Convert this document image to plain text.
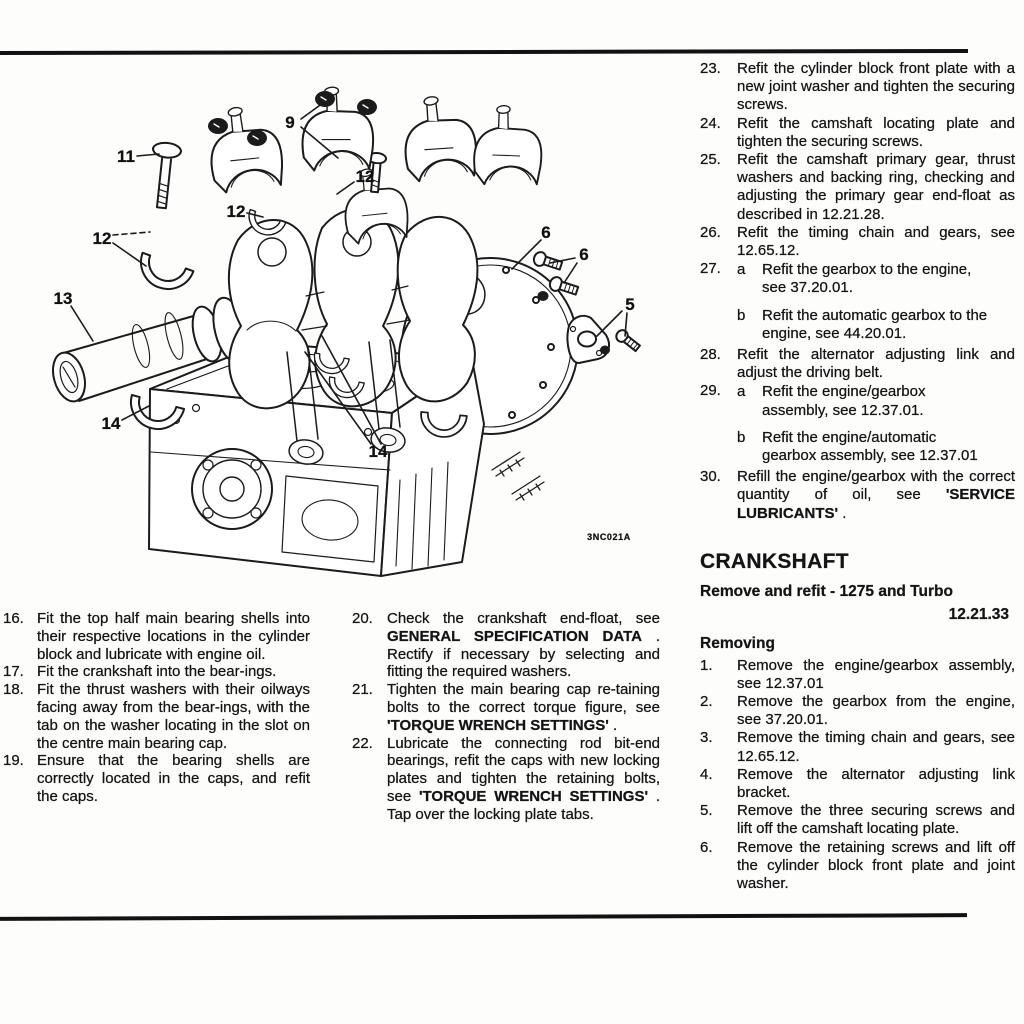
9
11
12
12
12
13
14
14
6
6
5
3NC021A
23.	Refit the cylinder block front plate with a new joint washer and tighten the securing screws.
24.	Refit the camshaft locating plate and tighten the securing screws.
25.	Refit the camshaft primary gear, thrust washers and backing ring, checking and adjusting the primary gear end-float as described in 12.21.28.
26.	Refit the timing chain and gears, see 12.65.12.
27.	a	Refit the gearbox to the engine, see 37.20.01.
b	Refit the automatic gearbox to the engine, see 44.20.01.
28.	Refit the alternator adjusting link and adjust the driving belt.
29.	a	Refit the engine/gearbox assembly, see 12.37.01.
b	Refit the engine/automatic gearbox assembly, see 12.37.01
30.	Refill the engine/gearbox with the correct quantity of oil, see 'SERVICE LUBRICANTS' .
CRANKSHAFT
Remove and refit - 1275 and Turbo
12.21.33
Removing
1.	Remove the engine/gearbox assembly, see 12.37.01
2.	Remove the gearbox from the engine, see 37.20.01.
3.	Remove the timing chain and gears, see 12.65.12.
4.	Remove the alternator adjusting link bracket.
5.	Remove the three securing screws and lift off the camshaft locating plate.
6.	Remove the retaining screws and lift off the cylinder block front plate and joint washer.
16. Fit the top half main bearing shells into their respective locations in the cylinder block and lubricate with engine oil.
17. Fit the crankshaft into the bear-ings.
18. Fit the thrust washers with their oilways facing away from the bear-ings, with the tab on the washer locating in the slot on the centre main bearing cap.
19. Ensure that the bearing shells are correctly located in the caps, and refit the caps.
20. Check the crankshaft end-float, see GENERAL SPECIFICATION DATA . Rectify if necessary by selecting and fitting the required washers.
21. Tighten the main bearing cap re-taining bolts to the correct torque figure, see 'TORQUE WRENCH SETTINGS' .
22. Lubricate the connecting rod bit-end bearings, refit the caps with new locking plates and tighten the retaining bolts, see 'TORQUE WRENCH SETTINGS' . Tap over the locking plate tabs.
